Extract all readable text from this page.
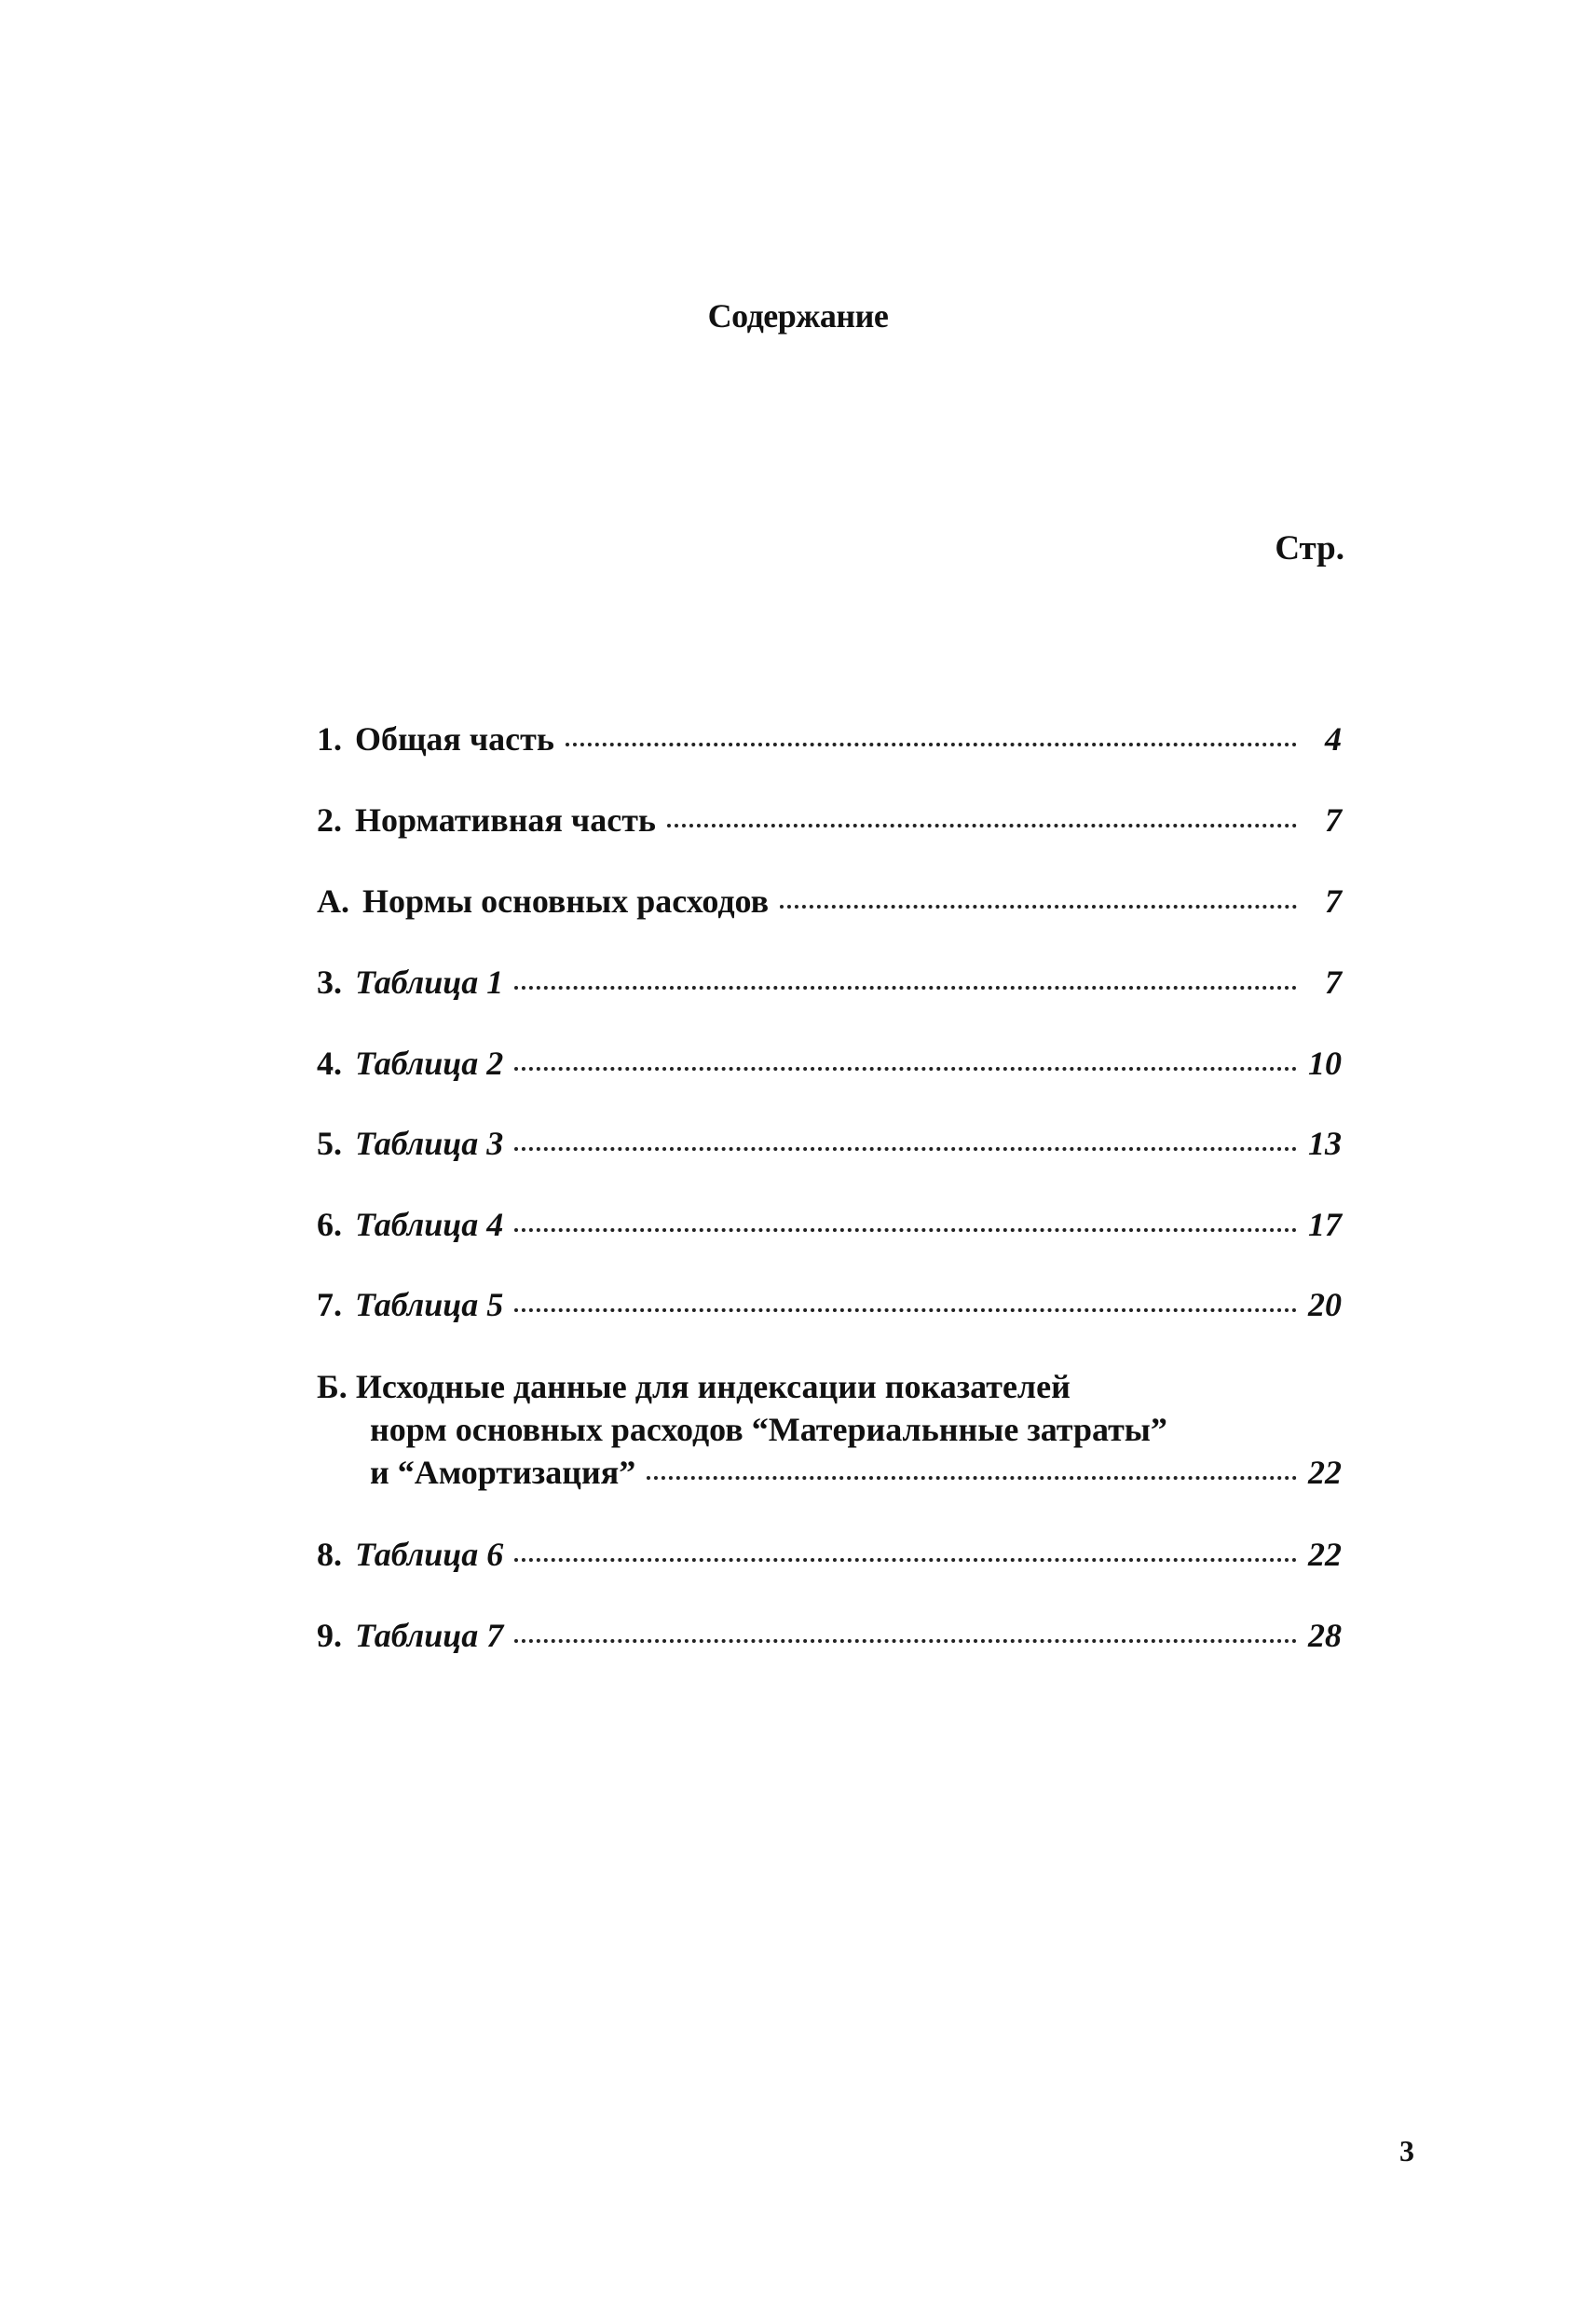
Содержание
Стр.
1. Общая часть	4
2. Нормативная часть	7
А. Нормы основных расходов	7
3. Таблица 1	7
4. Таблица 2	10
5. Таблица 3	13
6. Таблица 4	17
7. Таблица 5	20
Б. Исходные данные для индексации показателей
норм основных расходов “Материальнные затраты”
и “Амортизация”	22
8. Таблица 6	22
9. Таблица 7	28
3
